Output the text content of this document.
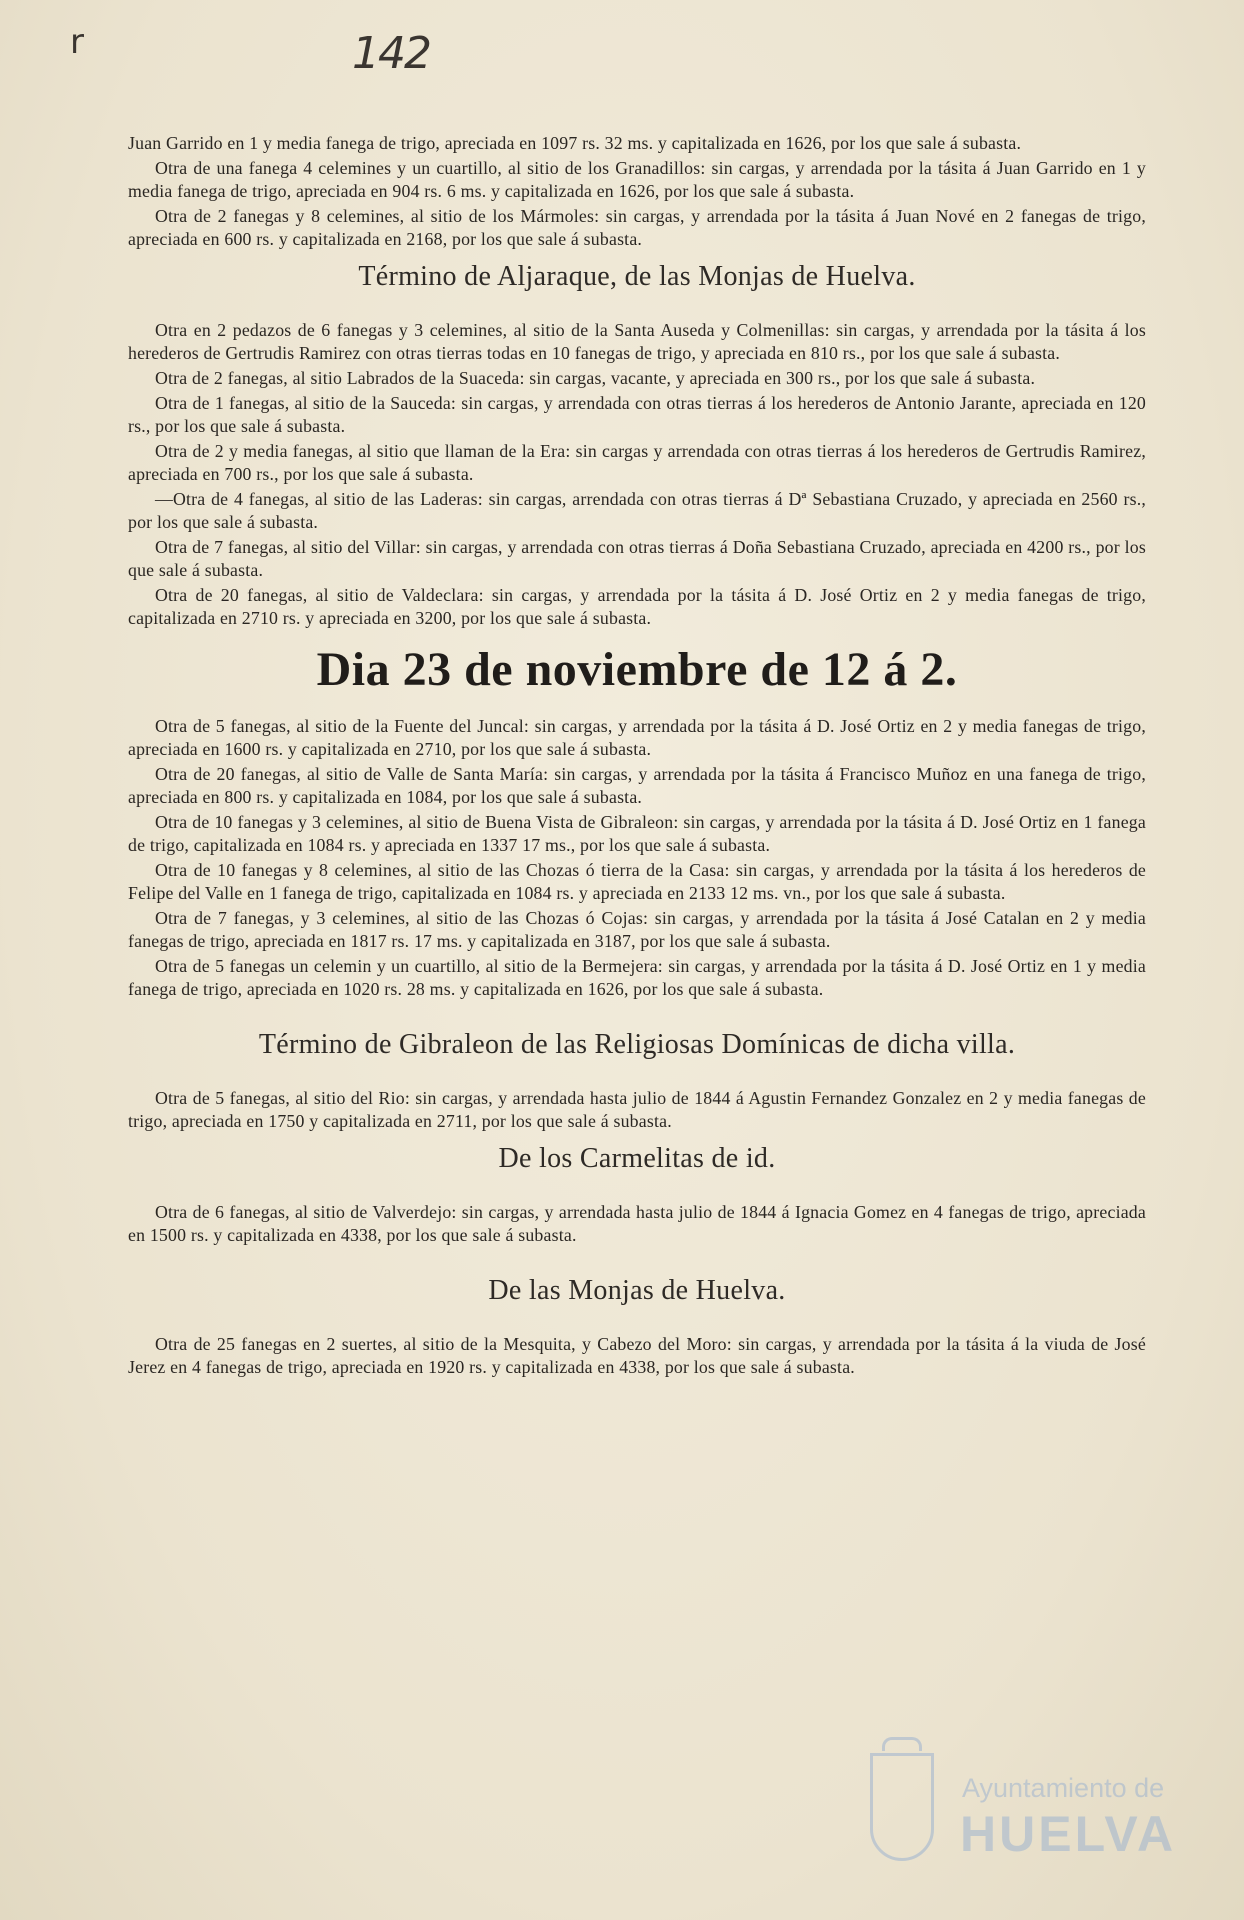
r	142

Juan Garrido en 1 y media fanega de trigo, apreciada en 1097 rs. 32 ms. y capitalizada en 1626, por los que sale á subasta.

Otra de una fanega 4 celemines y un cuartillo, al sitio de los Granadillos: sin cargas, y arrendada por la tásita á Juan Garrido en 1 y media fanega de trigo, apreciada en 904 rs. 6 ms. y capitalizada en 1626, por los que sale á subasta.

Otra de 2 fanegas y 8 celemines, al sitio de los Mármoles: sin cargas, y arrendada por la tásita á Juan Nové en 2 fanegas de trigo, apreciada en 600 rs. y capitalizada en 2168, por los que sale á subasta.

Término de Aljaraque, de las Monjas de Huelva.

Otra en 2 pedazos de 6 fanegas y 3 celemines, al sitio de la Santa Auseda y Colmenillas: sin cargas, y arrendada por la tásita á los herederos de Gertrudis Ramirez con otras tierras todas en 10 fanegas de trigo, y apreciada en 810 rs., por los que sale á subasta.

Otra de 2 fanegas, al sitio Labrados de la Suaceda: sin cargas, vacante, y apreciada en 300 rs., por los que sale á subasta.

Otra de 1 fanegas, al sitio de la Sauceda: sin cargas, y arrendada con otras tierras á los herederos de Antonio Jarante, apreciada en 120 rs., por los que sale á subasta.

Otra de 2 y media fanegas, al sitio que llaman de la Era: sin cargas y arrendada con otras tierras á los herederos de Gertrudis Ramirez, apreciada en 700 rs., por los que sale á subasta.

—Otra de 4 fanegas, al sitio de las Laderas: sin cargas, arrendada con otras tierras á Dª Sebastiana Cruzado, y apreciada en 2560 rs., por los que sale á subasta.

Otra de 7 fanegas, al sitio del Villar: sin cargas, y arrendada con otras tierras á Doña Sebastiana Cruzado, apreciada en 4200 rs., por los que sale á subasta.

Otra de 20 fanegas, al sitio de Valdeclara: sin cargas, y arrendada por la tásita á D. José Ortiz en 2 y media fanegas de trigo, capitalizada en 2710 rs. y apreciada en 3200, por los que sale á subasta.

Dia 23 de noviembre de 12 á 2.

Otra de 5 fanegas, al sitio de la Fuente del Juncal: sin cargas, y arrendada por la tásita á D. José Ortiz en 2 y media fanegas de trigo, apreciada en 1600 rs. y capitalizada en 2710, por los que sale á subasta.

Otra de 20 fanegas, al sitio de Valle de Santa María: sin cargas, y arrendada por la tásita á Francisco Muñoz en una fanega de trigo, apreciada en 800 rs. y capitalizada en 1084, por los que sale á subasta.

Otra de 10 fanegas y 3 celemines, al sitio de Buena Vista de Gibraleon: sin cargas, y arrendada por la tásita á D. José Ortiz en 1 fanega de trigo, capitalizada en 1084 rs. y apreciada en 1337 17 ms., por los que sale á subasta.

Otra de 10 fanegas y 8 celemines, al sitio de las Chozas ó tierra de la Casa: sin cargas, y arrendada por la tásita á los herederos de Felipe del Valle en 1 fanega de trigo, capitalizada en 1084 rs. y apreciada en 2133 12 ms. vn., por los que sale á subasta.

Otra de 7 fanegas, y 3 celemines, al sitio de las Chozas ó Cojas: sin cargas, y arrendada por la tásita á José Catalan en 2 y media fanegas de trigo, apreciada en 1817 rs. 17 ms. y capitalizada en 3187, por los que sale á subasta.

Otra de 5 fanegas un celemin y un cuartillo, al sitio de la Bermejera: sin cargas, y arrendada por la tásita á D. José Ortiz en 1 y media fanega de trigo, apreciada en 1020 rs. 28 ms. y capitalizada en 1626, por los que sale á subasta.

Término de Gibraleon de las Religiosas Domínicas de dicha villa.

Otra de 5 fanegas, al sitio del Rio: sin cargas, y arrendada hasta julio de 1844 á Agustin Fernandez Gonzalez en 2 y media fanegas de trigo, apreciada en 1750 y capitalizada en 2711, por los que sale á subasta.

De los Carmelitas de id.

Otra de 6 fanegas, al sitio de Valverdejo: sin cargas, y arrendada hasta julio de 1844 á Ignacia Gomez en 4 fanegas de trigo, apreciada en 1500 rs. y capitalizada en 4338, por los que sale á subasta.

De las Monjas de Huelva.

Otra de 25 fanegas en 2 suertes, al sitio de la Mesquita, y Cabezo del Moro: sin cargas, y arrendada por la tásita á la viuda de José Jerez en 4 fanegas de trigo, apreciada en 1920 rs. y capitalizada en 4338, por los que sale á subasta.

Ayuntamiento de
HUELVA
